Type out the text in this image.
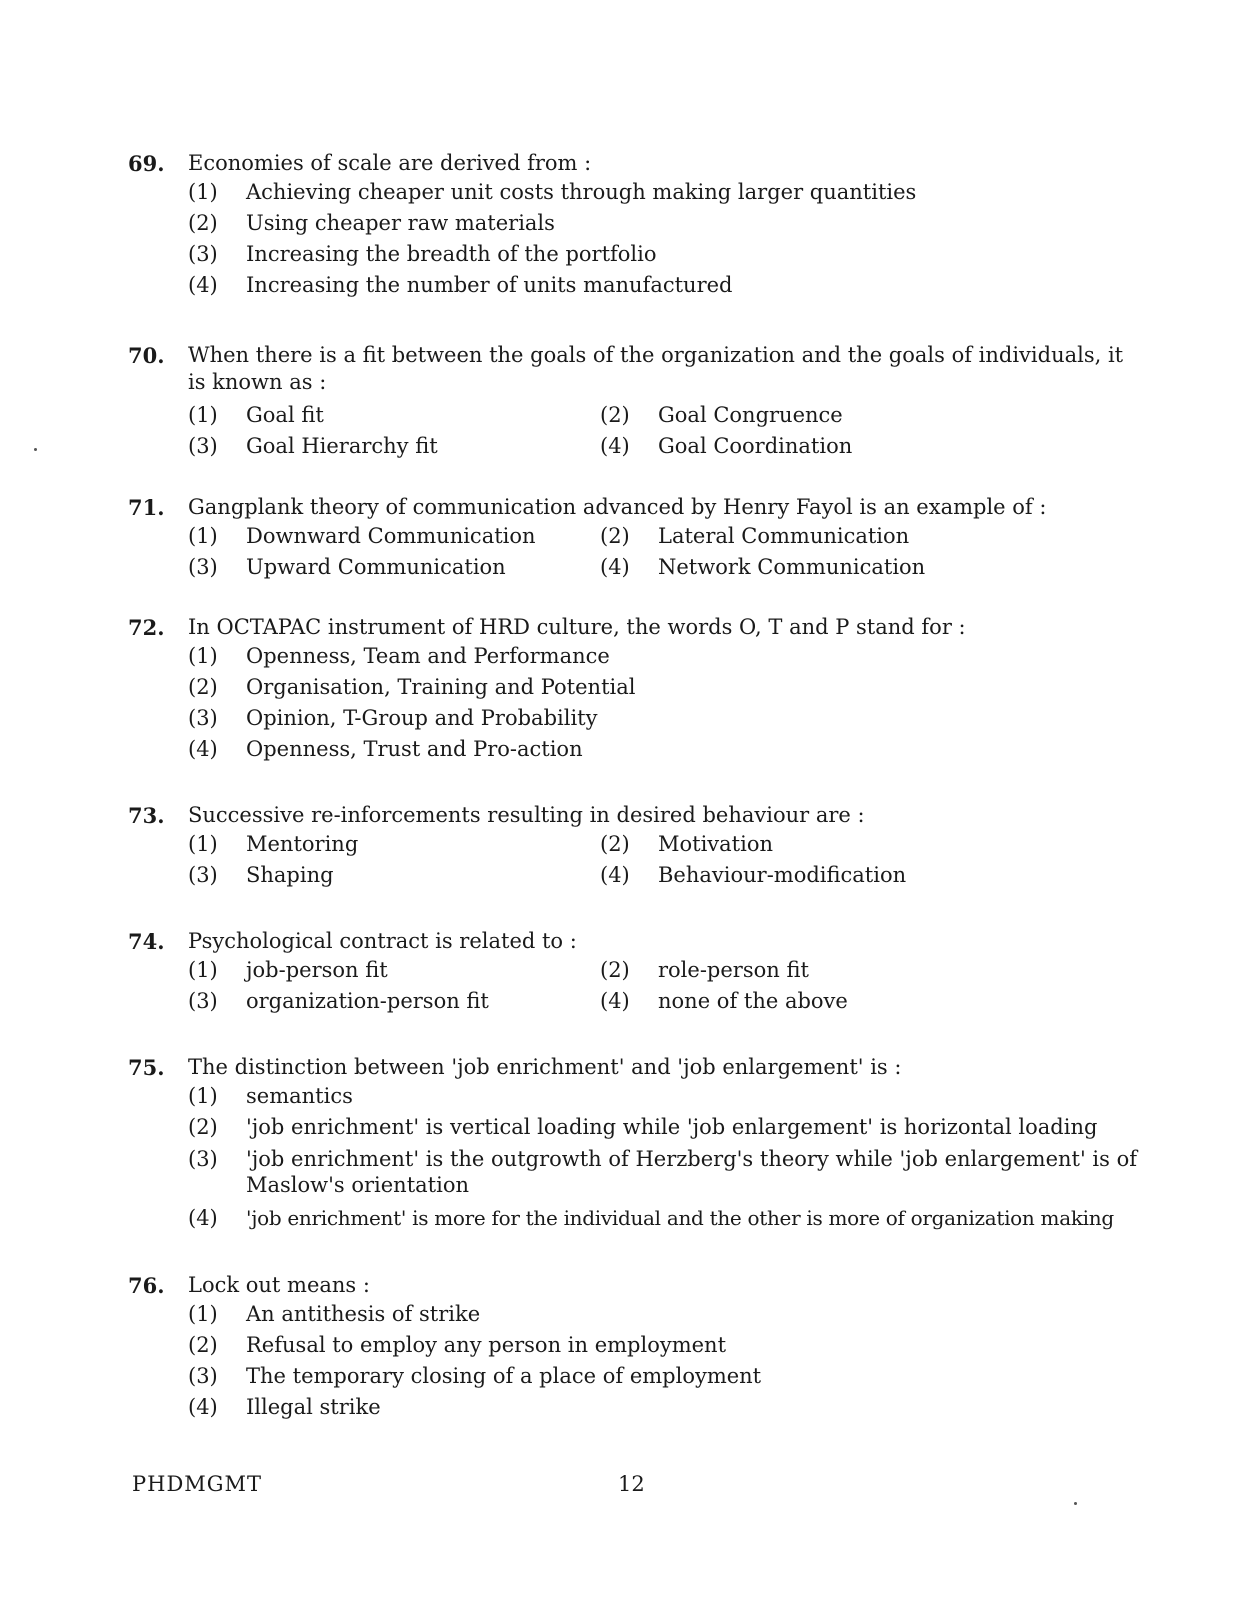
69.	Economies of scale are derived from :
(1)	Achieving cheaper unit costs through making larger quantities
(2)	Using cheaper raw materials
(3)	Increasing the breadth of the portfolio
(4)	Increasing the number of units manufactured
70.	When there is a fit between the goals of the organization and the goals of individuals, it is known as :
(1)	Goal fit	(2)	Goal Congruence
(3)	Goal Hierarchy fit	(4)	Goal Coordination
71.	Gangplank theory of communication advanced by Henry Fayol is an example of :
(1)	Downward Communication	(2)	Lateral Communication
(3)	Upward Communication	(4)	Network Communication
72.	In OCTAPAC instrument of HRD culture, the words O, T and P stand for :
(1)	Openness, Team and Performance
(2)	Organisation, Training and Potential
(3)	Opinion, T-Group and Probability
(4)	Openness, Trust and Pro-action
73.	Successive re-inforcements resulting in desired behaviour are :
(1)	Mentoring	(2)	Motivation
(3)	Shaping	(4)	Behaviour-modification
74.	Psychological contract is related to :
(1)	job-person fit	(2)	role-person fit
(3)	organization-person fit	(4)	none of the above
75.	The distinction between 'job enrichment' and 'job enlargement' is :
(1)	semantics
(2)	'job enrichment' is vertical loading while 'job enlargement' is horizontal loading
(3)	'job enrichment' is the outgrowth of Herzberg's theory while 'job enlargement' is of Maslow's orientation
(4)	'job enrichment' is more for the individual and the other is more of organization making
76.	Lock out means :
(1)	An antithesis of strike
(2)	Refusal to employ any person in employment
(3)	The temporary closing of a place of employment
(4)	Illegal strike
PHDMGMT	12
